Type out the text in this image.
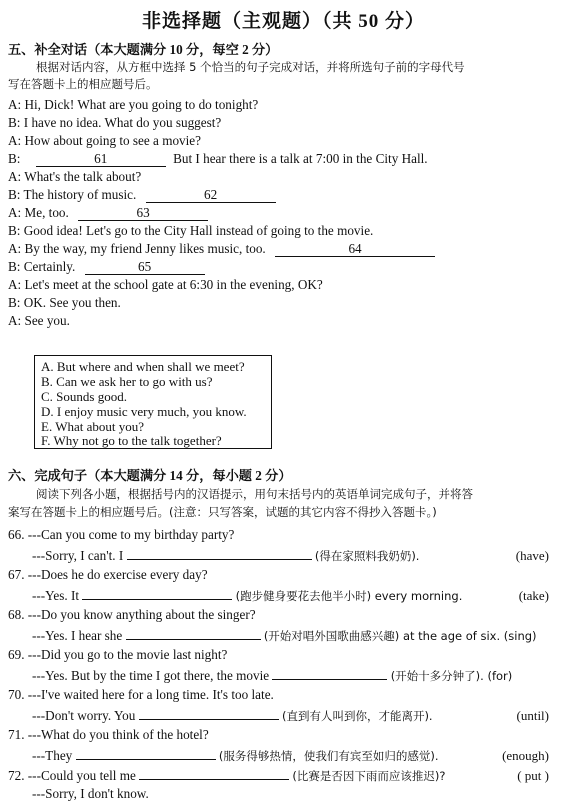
非选择题（主观题）（共 50 分）
五、补全对话（本大题满分 10 分，每空 2 分）
根据对话内容，从方框中选择 5 个恰当的句子完成对话，并将所选句子前的字母代号
写在答题卡上的相应题号后。
A: Hi, Dick! What are you going to do tonight?
B: I have no idea. What do you suggest?
A: How about going to see a movie?
B:	61	But I hear there is a talk at 7:00 in the City Hall.
A: What's the talk about?
B: The history of music.	62
A: Me, too.	63
B: Good idea! Let's go to the City Hall instead of going to the movie.
A: By the way, my friend Jenny likes music, too.	64
B: Certainly.	65
A: Let's meet at the school gate at 6:30 in the evening, OK?
B: OK. See you then.
A: See you.
A. But where and when shall we meet?
B. Can we ask her to go with us?
C. Sounds good.
D. I enjoy music very much, you know.
E. What about you?
F. Why not go to the talk together?
六、完成句子（本大题满分 14 分，每小题 2 分）
阅读下列各小题，根据括号内的汉语提示，用句末括号内的英语单词完成句子，并将答
案写在答题卡上的相应题号后。(注意：只写答案，试题的其它内容不得抄入答题卡。)
66. ---Can you come to my birthday party?
---Sorry, I can't. I	(得在家照料我奶奶).	(have)
67. ---Does he do exercise every day?
---Yes. It	(跑步健身要花去他半小时) every morning.	(take)
68. ---Do you know anything about the singer?
---Yes. I hear she	(开始对唱外国歌曲感兴趣) at the age of six. (sing)
69. ---Did you go to the movie last night?
---Yes. But by the time I got there, the movie	(开始十多分钟了). (for)
70. ---I've waited here for a long time. It's too late.
---Don't worry. You	(直到有人叫到你，才能离开).	(until)
71. ---What do you think of the hotel?
---They	(服务得够热情，使我们有宾至如归的感觉).	(enough)
72. ---Could you tell me	(比赛是否因下雨而应该推迟)?	( put )
---Sorry, I don't know.
